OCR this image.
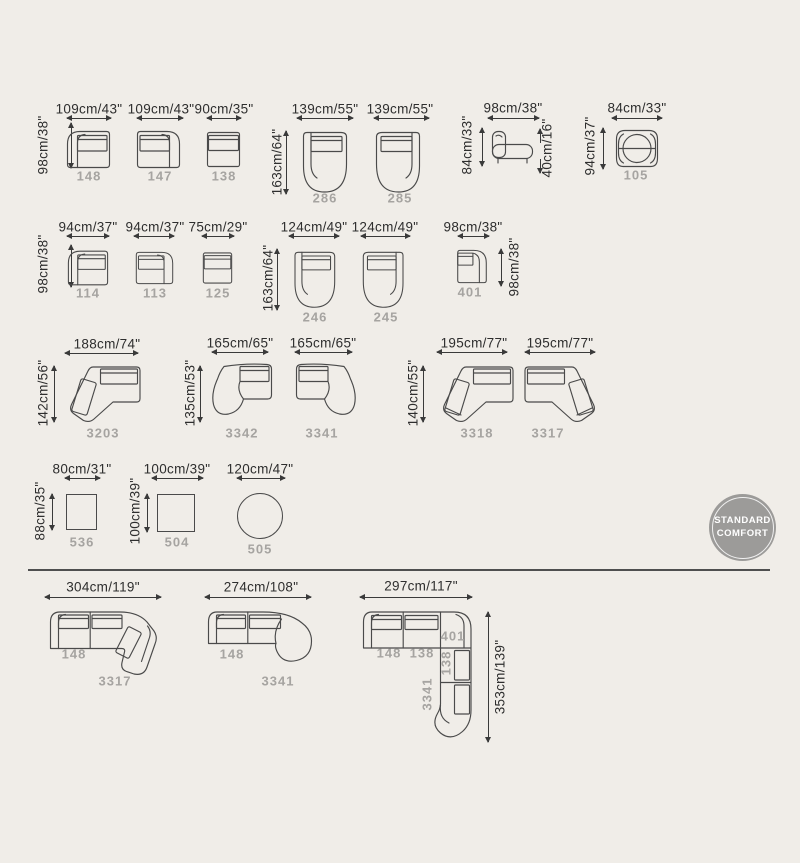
98cm/38"
109cm/43"
148
109cm/43"
147
90cm/35"
138 163cm/64"
139cm/55"
286
139cm/55"
285
98cm/38"
84cm/33"	40cm/16"
84cm/33"
94cm/37" 105
98cm/38"
94cm/37"
114
94cm/37"
113
75cm/29"
125 163cm/64"
124cm/49"
246
124cm/49"
245
98cm/38"
401 98cm/38"
188cm/74"
142cm/56"
3203
135cm/53"
165cm/65"
3342
165cm/65"
3341
140cm/55"
195cm/77"
3318
195cm/77"
3317
80cm/31"
88cm/35"
536
100cm/39"
100cm/39" 504
120cm/47"
505
STANDARD
COMFORT
304cm/119"
148
3317
274cm/108"
148
3341
297cm/117"
148 138
401
138
3341	353cm/139"
